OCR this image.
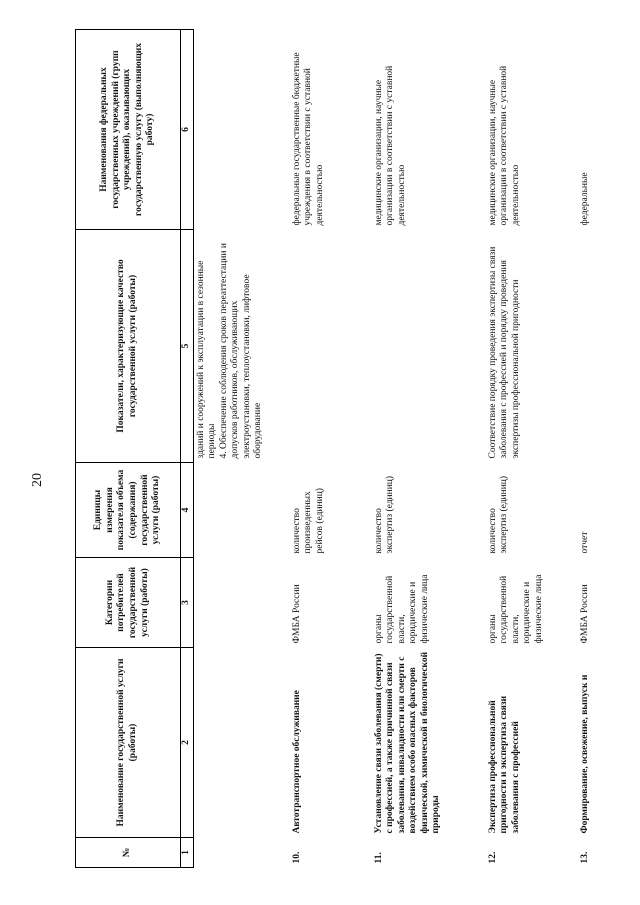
20
№	Наименование государственной услуги (работы)	Категории потребителей государственной услуги (работы)	Единицы измерения показателя объема (содержания) государственной услуги (работы)	Показатели, характеризующие качество государственной услуги (работы)	Наименования федеральных государственных учреждений (групп учреждений), оказывающих государственную услугу (выполняющих работу)
1	2	3	4	5	6
				зданий и сооружений к эксплуатации в сезонные периоды
4. Обеспечение соблюдения сроков переаттестации и допусков работников, обслуживающих электроустановки, теплоустановки, лифтовое оборудование	
10.	Автотранспортное обслуживание	ФМБА России	количество произведенных рейсов (единиц)		федеральные государственные бюджетные учреждения в соответствии с уставной деятельностью
11.	Установление связи заболевания (смерти) с профессией, а также причинной связи заболевания, инвалидности или смерти с воздействием особо опасных факторов физической, химической и биологической природы	органы государственной власти, юридические и физические лица	количество экспертиз (единиц)		медицинские организации, научные организации в соответствии с уставной деятельностью
12.	Экспертиза профессиональной пригодности и экспертиза связи заболевания с профессией	органы государственной власти, юридические и физические лица	количество экспертиз (единиц)	Соответствие порядку проведения экспертизы связи заболевания с профессией и порядку проведения экспертизы профессиональной пригодности	медицинские организации, научные организации в соответствии с уставной деятельностью
13.	Формирование, освежение, выпуск и	ФМБА России	отчет		федеральные
